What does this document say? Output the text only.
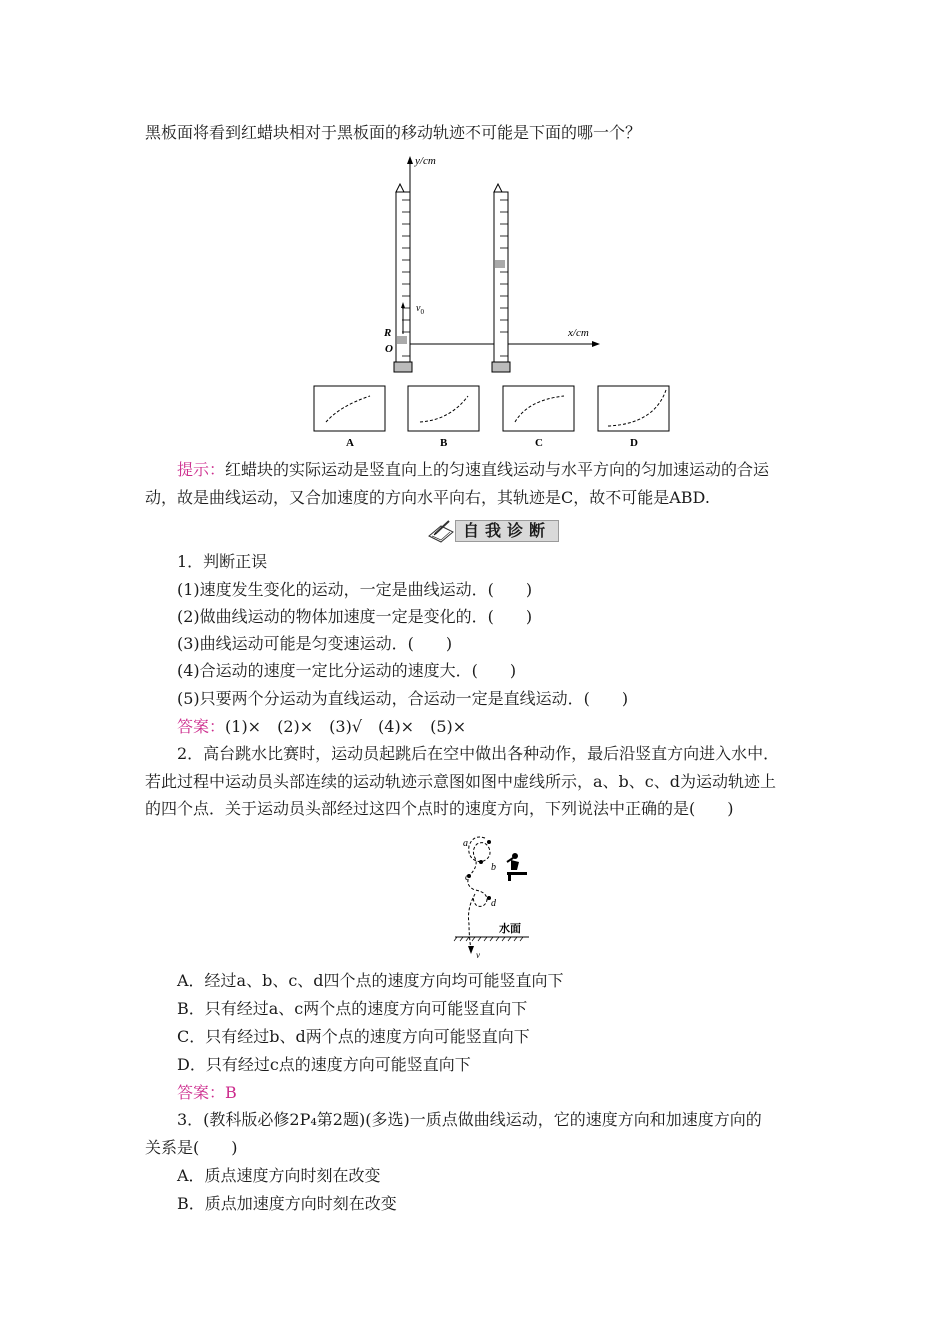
黑板面将看到红蜡块相对于黑板面的移动轨迹不可能是下面的哪一个？
y/cm
x/cm
R
O
$v_0$
A	B	C	D
提示：红蜡块的实际运动是竖直向上的匀速直线运动与水平方向的匀加速运动的合运
动，故是曲线运动，又合加速度的方向水平向右，其轨迹是C，故不可能是ABD.
自我诊断
1．判断正误
(1)速度发生变化的运动，一定是曲线运动．(　　)
(2)做曲线运动的物体加速度一定是变化的．(　　)
(3)曲线运动可能是匀变速运动．(　　)
(4)合运动的速度一定比分运动的速度大．(　　)
(5)只要两个分运动为直线运动，合运动一定是直线运动．(　　)
答案：(1)×　(2)×　(3)√　(4)×　(5)×
2．高台跳水比赛时，运动员起跳后在空中做出各种动作，最后沿竖直方向进入水中．
若此过程中运动员头部连续的运动轨迹示意图如图中虚线所示，a、b、c、d为运动轨迹上
的四个点．关于运动员头部经过这四个点时的速度方向，下列说法中正确的是(　　)
a
b
c
d
水面
v
A．经过a、b、c、d四个点的速度方向均可能竖直向下
B．只有经过a、c两个点的速度方向可能竖直向下
C．只有经过b、d两个点的速度方向可能竖直向下
D．只有经过c点的速度方向可能竖直向下
答案：B
3．(教科版必修2P₄第2题)(多选)一质点做曲线运动，它的速度方向和加速度方向的
关系是(　　)
A．质点速度方向时刻在改变
B．质点加速度方向时刻在改变
